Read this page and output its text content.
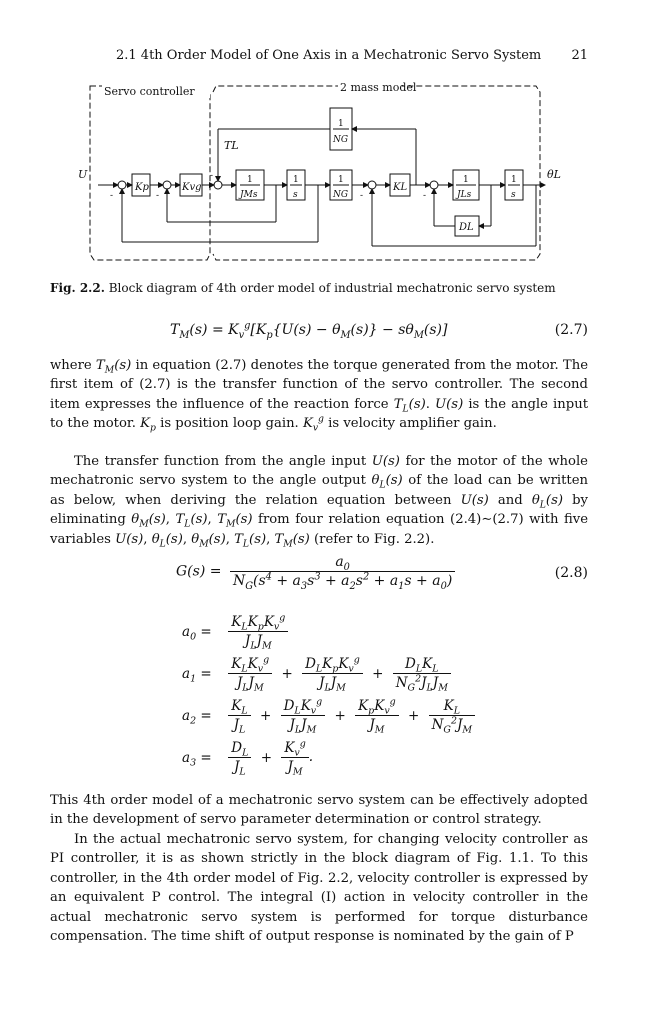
2.1 4th Order Model of One Axis in a Mechatronic Servo System 21
Servo controller	2 mass model
U	θL
TL
Kp	Kvg
1
JMs
1
s
1
NG
1
NG
KL
1
JLs
1
s
DL
-	-
-
-	-
Fig. 2.2. Block diagram of 4th order model of industrial mechatronic servo system
$T_M(s) = K_v^g[K_p\{U(s) - \theta_M(s)\} - s\theta_M(s)]$	(2.7)

where $T_M(s)$ in equation (2.7) denotes the torque generated from the motor. The first item of (2.7) is the transfer function of the servo controller. The second item expresses the influence of the reaction force $T_L(s)$. U(s) is the angle input to the motor. $K_p$ is position loop gain. $K_v^g$ is velocity amplifier gain.

The transfer function from the angle input U(s) for the motor of the whole mechatronic servo system to the angle output $\theta_L(s)$ of the load can be written as below, when deriving the relation equation between U(s) and $\theta_L(s)$ by eliminating $\theta_M(s)$, $T_L(s)$, $T_M(s)$ from four relation equation (2.4)∼(2.7) with five variables U(s), $\theta_L(s)$, $\theta_M(s)$, $T_L(s)$, $T_M(s)$ (refer to Fig. 2.2).

$G(s) = \frac{a_0}{N_G(s^4 + a_3s^3 + a_2s^2 + a_1s + a_0)}$	(2.8)
$a_0 = \frac{K_LK_pK_v^g}{J_LJ_M}$
$a_1 = \frac{K_LK_v^g}{J_LJ_M} + \frac{D_LK_pK_v^g}{J_LJ_M} + \frac{D_LK_L}{N_G^2J_LJ_M}$
$a_2 = \frac{K_L}{J_L} + \frac{D_LK_v^g}{J_LJ_M} + \frac{K_pK_v^g}{J_M} + \frac{K_L}{N_G^2J_M}$
$a_3 = \frac{D_L}{J_L} + \frac{K_v^g}{J_M}$ .

This 4th order model of a mechatronic servo system can be effectively adopted in the development of servo parameter determination or control strategy.

In the actual mechatronic servo system, for changing velocity controller as PI controller, it is as shown strictly in the block diagram of Fig. 1.1. To this controller, in the 4th order model of Fig. 2.2, velocity controller is expressed by an equivalent P control. The integral (I) action in velocity controller in the actual mechatronic servo system is performed for torque disturbance compensation. The time shift of output response is nominated by the gain of P
